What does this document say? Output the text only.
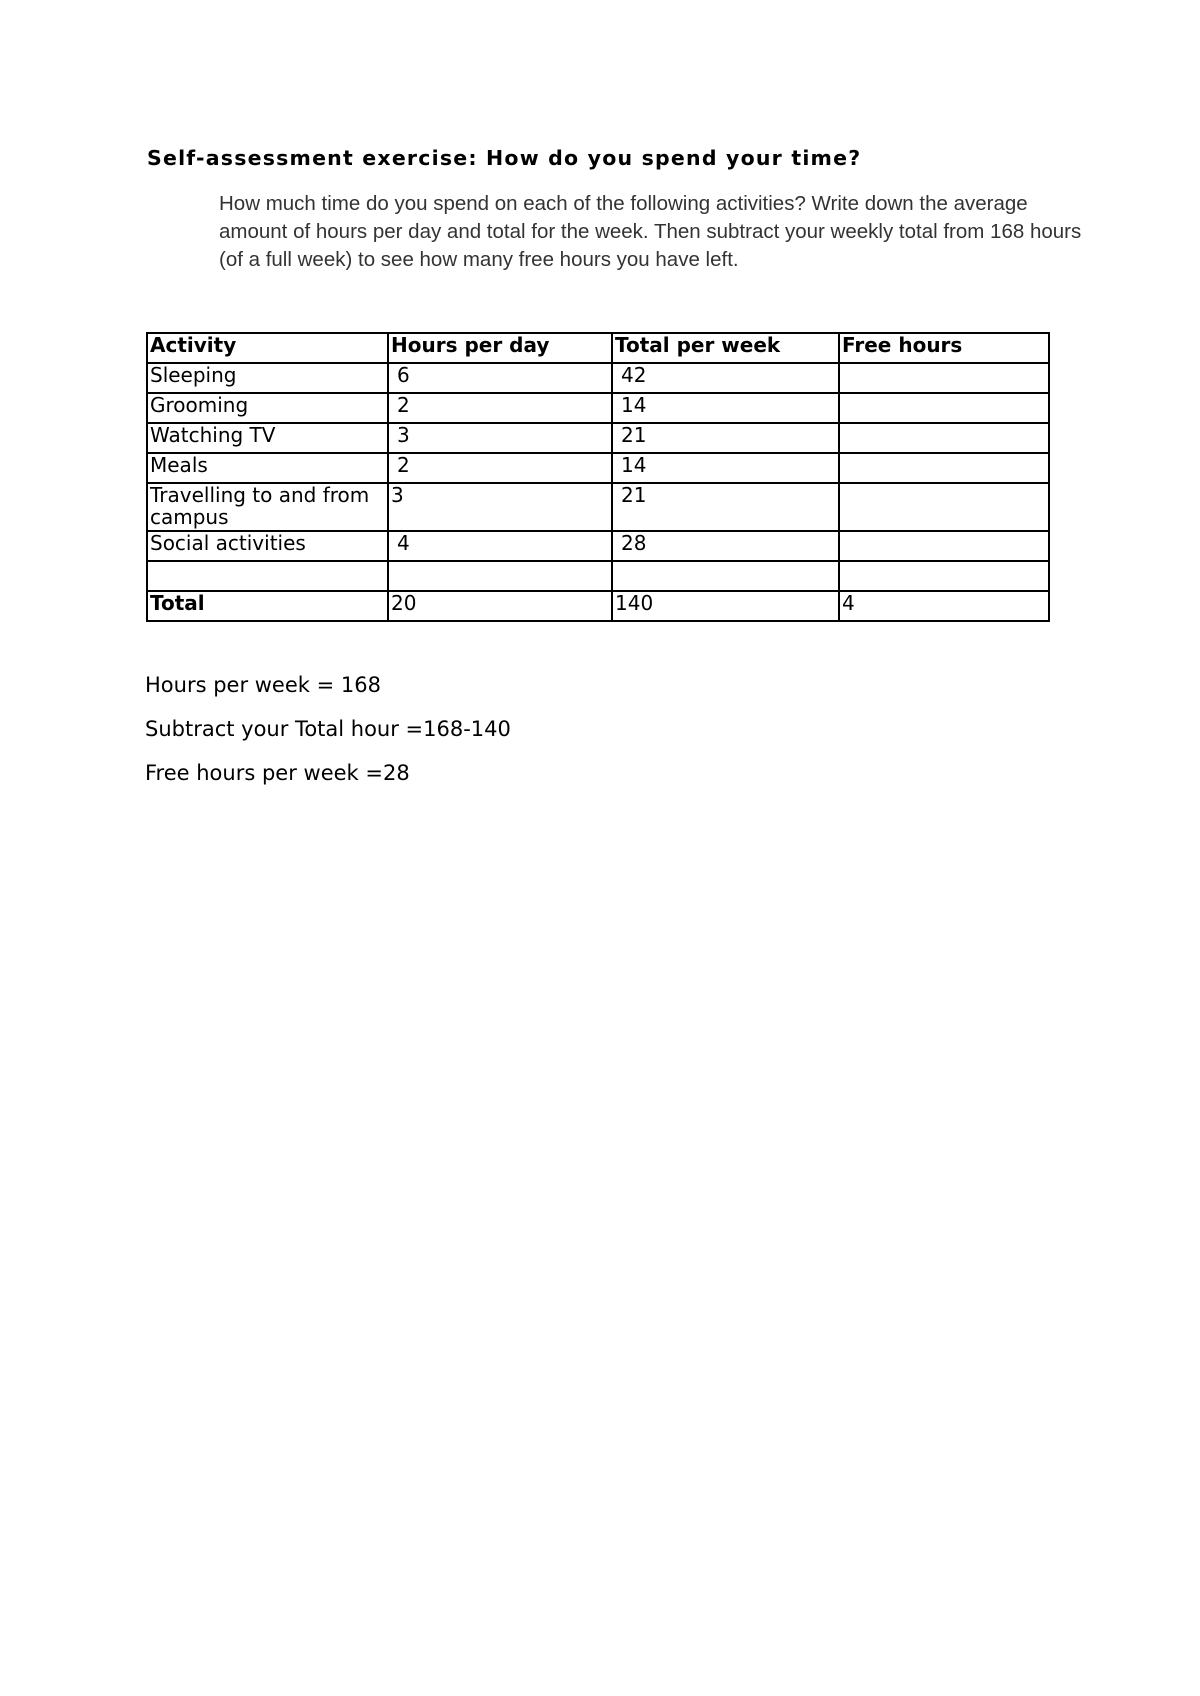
Self-assessment exercise: How do you spend your time?

How much time do you spend on each of the following activities? Write down the average amount of hours per day and total for the week. Then subtract your weekly total from 168 hours (of a full week) to see how many free hours you have left.

Activity	Hours per day	Total per week	Free hours
Sleeping	6	42	
Grooming	2	14	
Watching TV	3	21	
Meals	2	14	
Travelling to and from campus	3	21	
Social activities	4	28	

Total	20	140	4

Hours per week = 168

Subtract your Total hour =168-140

Free hours per week =28
